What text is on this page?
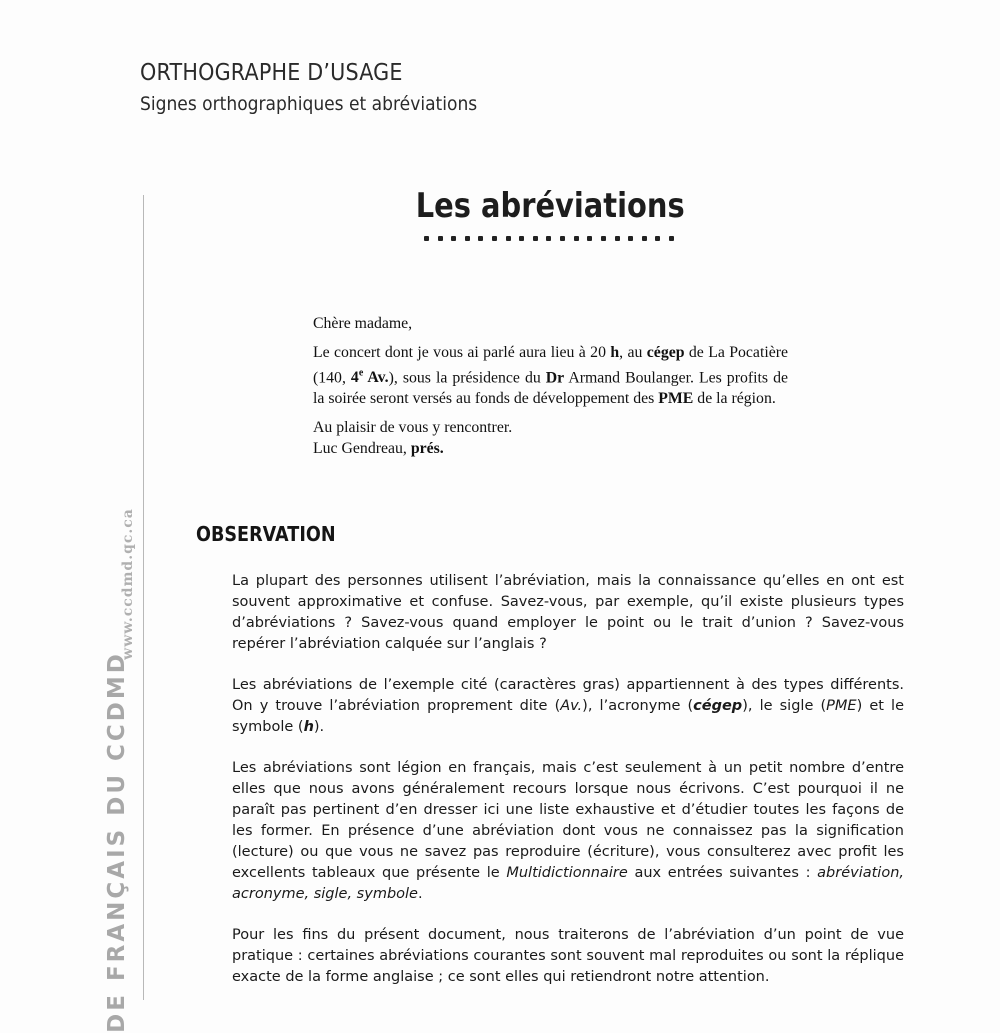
ORTHOGRAPHE D’USAGE
Signes orthographiques et abréviations
www.ccdmd.qc.ca
DE FRANÇAIS DU CCDMD
Les abréviations

Chère madame,

Le concert dont je vous ai parlé aura lieu à 20 h, au cégep de La Pocatière (140, 4e Av.), sous la présidence du Dr Armand Boulanger. Les profits de la soirée seront versés au fonds de développement des PME de la région.

Au plaisir de vous y rencontrer.

Luc Gendreau, prés.

OBSERVATION

La plupart des personnes utilisent l’abréviation, mais la connaissance qu’elles en ont est souvent approximative et confuse. Savez-vous, par exemple, qu’il existe plusieurs types d’abréviations ? Savez-vous quand employer le point ou le trait d’union ? Savez-vous repérer l’abréviation calquée sur l’anglais ?

Les abréviations de l’exemple cité (caractères gras) appartiennent à des types différents. On y trouve l’abréviation proprement dite (Av.), l’acronyme (cégep), le sigle (PME) et le symbole (h).

Les abréviations sont légion en français, mais c’est seulement à un petit nombre d’entre elles que nous avons généralement recours lorsque nous écrivons. C’est pourquoi il ne paraît pas pertinent d’en dresser ici une liste exhaustive et d’étudier toutes les façons de les former. En présence d’une abréviation dont vous ne connaissez pas la signification (lecture) ou que vous ne savez pas reproduire (écriture), vous consulterez avec profit les excellents tableaux que présente le Multidictionnaire aux entrées suivantes : abréviation, acronyme, sigle, symbole.

Pour les fins du présent document, nous traiterons de l’abréviation d’un point de vue pratique : certaines abréviations courantes sont souvent mal reproduites ou sont la réplique exacte de la forme anglaise ; ce sont elles qui retiendront notre attention.
